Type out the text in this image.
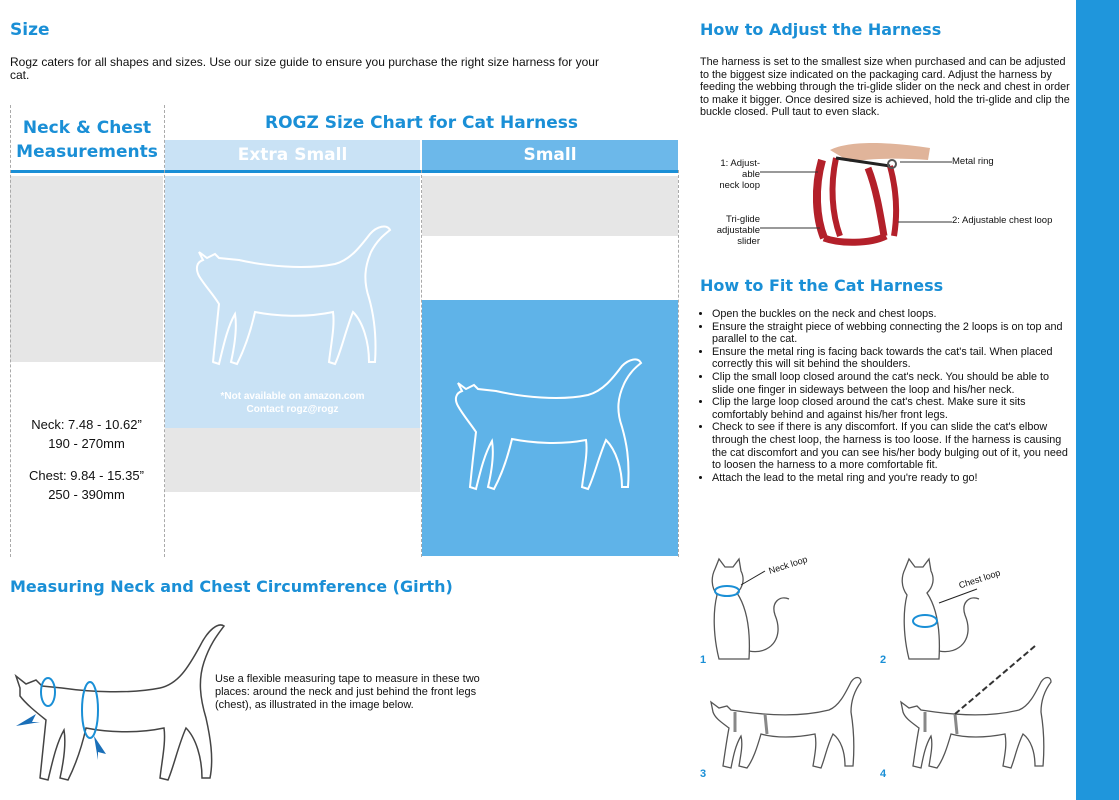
Size
Rogz caters for all shapes and sizes. Use our size guide to ensure you purchase the right size harness for your cat.
Neck & Chest
Measurements
ROGZ Size Chart for Cat Harness
Extra Small	Small
Neck: 7.48 - 10.62”
190 - 270mm
Chest: 9.84 - 15.35”
250 - 390mm
*Not available on amazon.com
Contact rogz@rogz
Measuring Neck and Chest Circumference (Girth)
Use a flexible measuring tape to measure in these two places: around the neck and just behind the front legs (chest), as illustrated in the image below.
How to Adjust the Harness
The harness is set to the smallest size when purchased and can be adjusted to the biggest size indicated on the packaging card. Adjust the harness by feeding the webbing through the tri-glide slider on the neck and chest in order to make it bigger. Once desired size is achieved, hold the tri-glide and clip the buckle closed. Pull taut to even slack.
1: Adjust-
able
neck loop
Tri-glide
adjustable
slider
Metal ring
2: Adjustable chest loop
How to Fit the Cat Harness
• Open the buckles on the neck and chest loops.
• Ensure the straight piece of webbing connecting the 2 loops is on top and parallel to the cat.
• Ensure the metal ring is facing back towards the cat's tail. When placed correctly this will sit behind the shoulders.
• Clip the small loop closed around the cat's neck. You should be able to slide one finger in sideways between the loop and his/her neck.
• Clip the large loop closed around the cat's chest. Make sure it sits comfortably behind and against his/her front legs.
• Check to see if there is any discomfort. If you can slide the cat's elbow through the chest loop, the harness is too loose. If the harness is causing the cat discomfort and you can see his/her body bulging out of it, you need to loosen the harness to a more comfortable fit.
• Attach the lead to the metal ring and you're ready to go!
Neck loop
1
Chest loop
2
3	4
